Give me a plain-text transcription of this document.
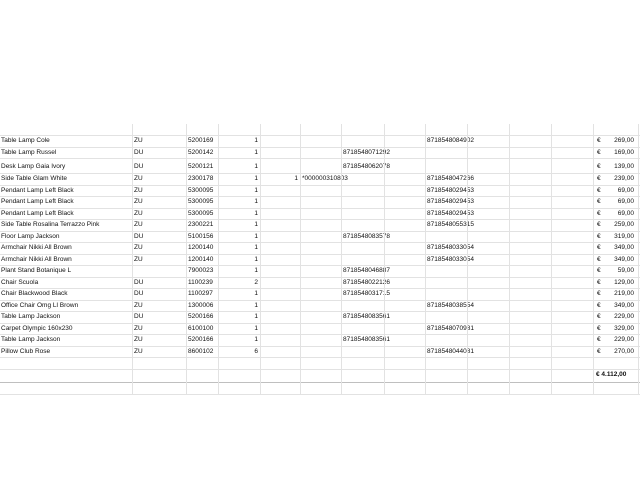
Table Lamp Cole	ZU	5200169	1	8718548084902	€	269,00
Table Lamp Russel	DU	5200142	1	8718548071292	€	169,00
Desk Lamp Gaia Ivory	DU	5200121	1	8718548062078	€	139,00
Side Table Glam White	ZU	2300178	1	1 *000000310803	8718548047266	€	239,00
Pendant Lamp Left Black	ZU	5300095	1	8718548029453	€	69,00
Pendant Lamp Left Black	ZU	5300095	1	8718548029453	€	69,00
Pendant Lamp Left Black	ZU	5300095	1	8718548029453	€	69,00
Side Table Rosalina Terrazzo Pink	ZU	2300221	1	8718548055315	€	259,00
Floor Lamp Jackson	DU	5100156	1	8718548083578	€	319,00
Armchair Nikki All Brown	ZU	1200140	1	8718548033054	€	349,00
Armchair Nikki All Brown	ZU	1200140	1	8718548033054	€	349,00
Plant Stand Botanique L	7900023	1	8718548046887	€	59,00
Chair Scuola	DU	1100239	2	8718548022126	€	129,00
Chair Blackwood Black	DU	1100297	1	8718548031715	€	219,00
Office Chair Omg Ll Brown	ZU	1300006	1	8718548038554	€	349,00
Table Lamp Jackson	DU	5200166	1	8718548083561	€	229,00
Carpet Olympic 160x230	ZU	6100100	1	8718548070981	€	329,00
Table Lamp Jackson	ZU	5200166	1	8718548083561	€	229,00
Pillow Club Rose	ZU	8600102	6	8718548044081	€	270,00
€ 4.112,00
